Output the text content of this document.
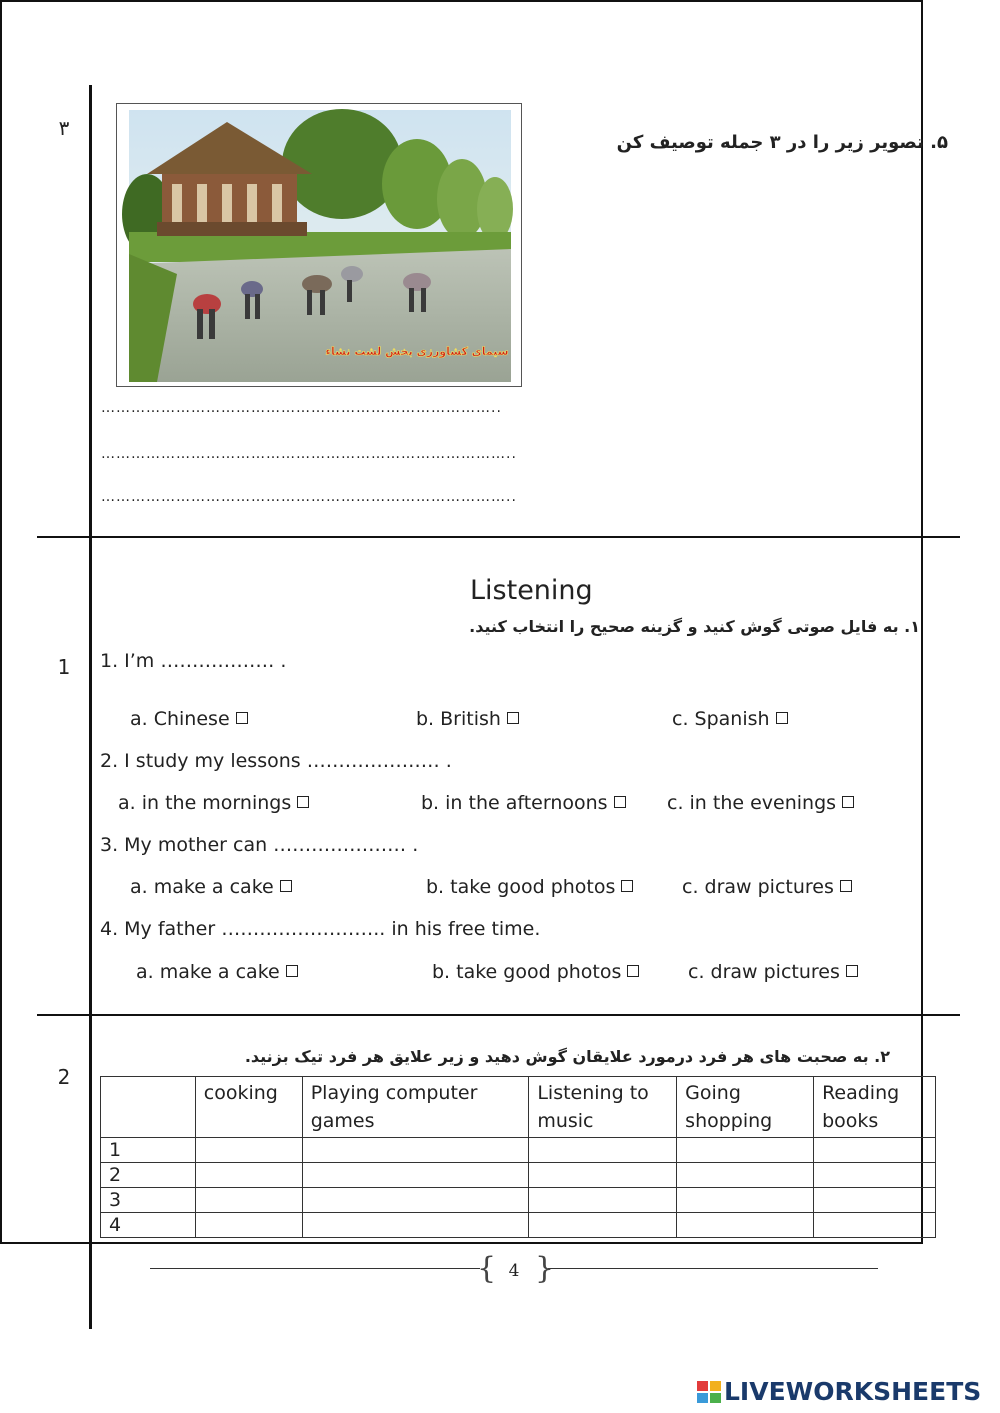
۳
1
2
۵. تصویر زیر را در ۳ جمله توصیف کن
سیمای کشاورزی بخش لشت نشاء
……………………………………………………………………..
………………………………………………………………………..
………………………………………………………………………..
Listening
۱. به فایل صوتی گوش کنید و گزینه صحیح را انتخاب کنید.
1. I’m ……………… .
a. Chinese	b. British	c. Spanish
2. I study my lessons ………………… .
a. in the mornings	b. in the afternoons	c. in the evenings
3. My mother can ………………… .
a. make a cake	b. take good photos	c. draw pictures
4. My father …………………….. in his free time.
a. make a cake	b. take good photos	c. draw pictures
۲. به صحبت های هر فرد درمورد علایقان گوش دهید و زیر علایق هر فرد تیک بزنید.
	cooking	Playing computer games	Listening to music	Going shopping	Reading books
1					
2					
3					
4					
{ }
4
LIVEWORKSHEETS
